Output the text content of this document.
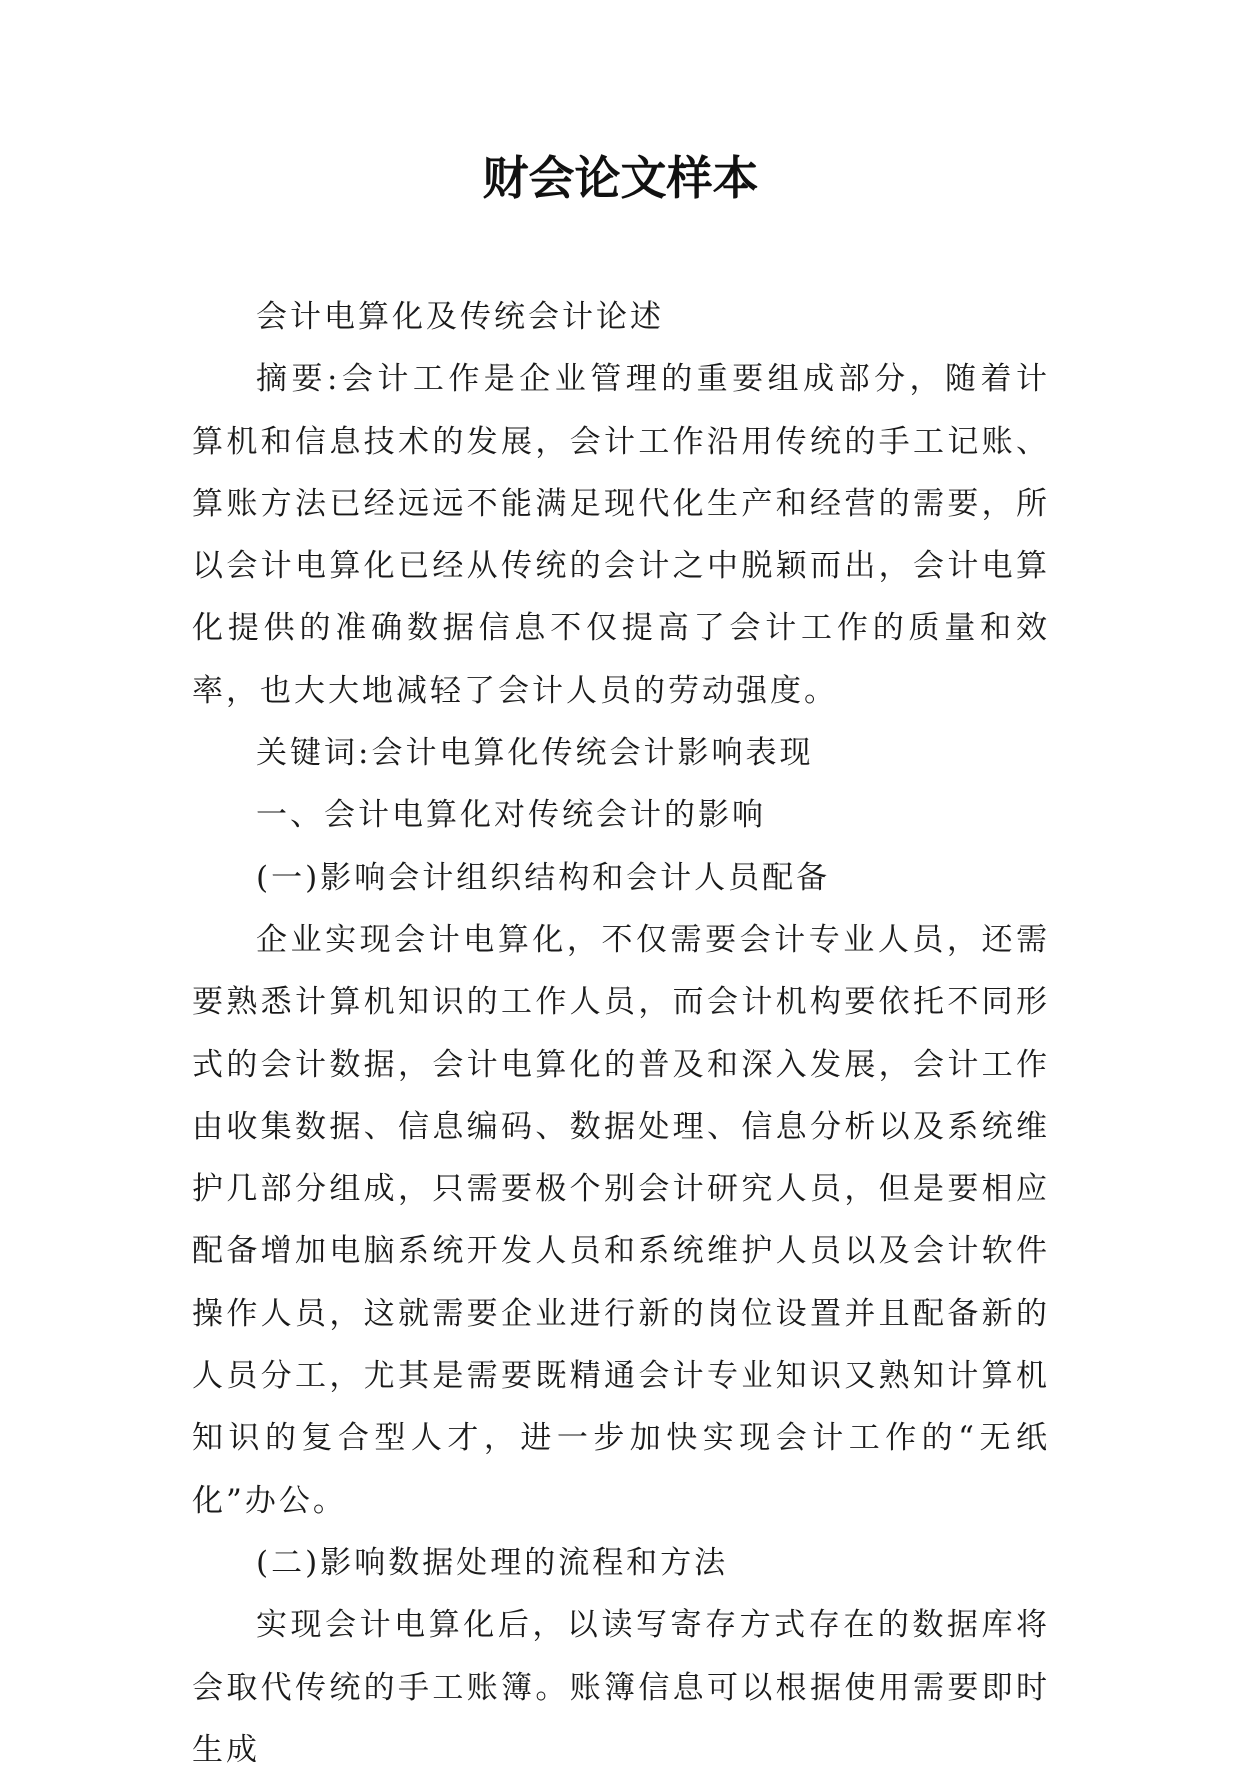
财会论文样本

会计电算化及传统会计论述

摘要:会计工作是企业管理的重要组成部分，随着计算机和信息技术的发展，会计工作沿用传统的手工记账、算账方法已经远远不能满足现代化生产和经营的需要，所以会计电算化已经从传统的会计之中脱颖而出，会计电算化提供的准确数据信息不仅提高了会计工作的质量和效率，也大大地减轻了会计人员的劳动强度。

关键词:会计电算化传统会计影响表现

一、会计电算化对传统会计的影响

(一)影响会计组织结构和会计人员配备

企业实现会计电算化，不仅需要会计专业人员，还需要熟悉计算机知识的工作人员，而会计机构要依托不同形式的会计数据，会计电算化的普及和深入发展，会计工作由收集数据、信息编码、数据处理、信息分析以及系统维护几部分组成，只需要极个别会计研究人员，但是要相应配备增加电脑系统开发人员和系统维护人员以及会计软件操作人员，这就需要企业进行新的岗位设置并且配备新的人员分工，尤其是需要既精通会计专业知识又熟知计算机知识的复合型人才，进一步加快实现会计工作的“无纸化”办公。

(二)影响数据处理的流程和方法

实现会计电算化后，以读写寄存方式存在的数据库将会取代传统的手工账簿。账簿信息可以根据使用需要即时生成
